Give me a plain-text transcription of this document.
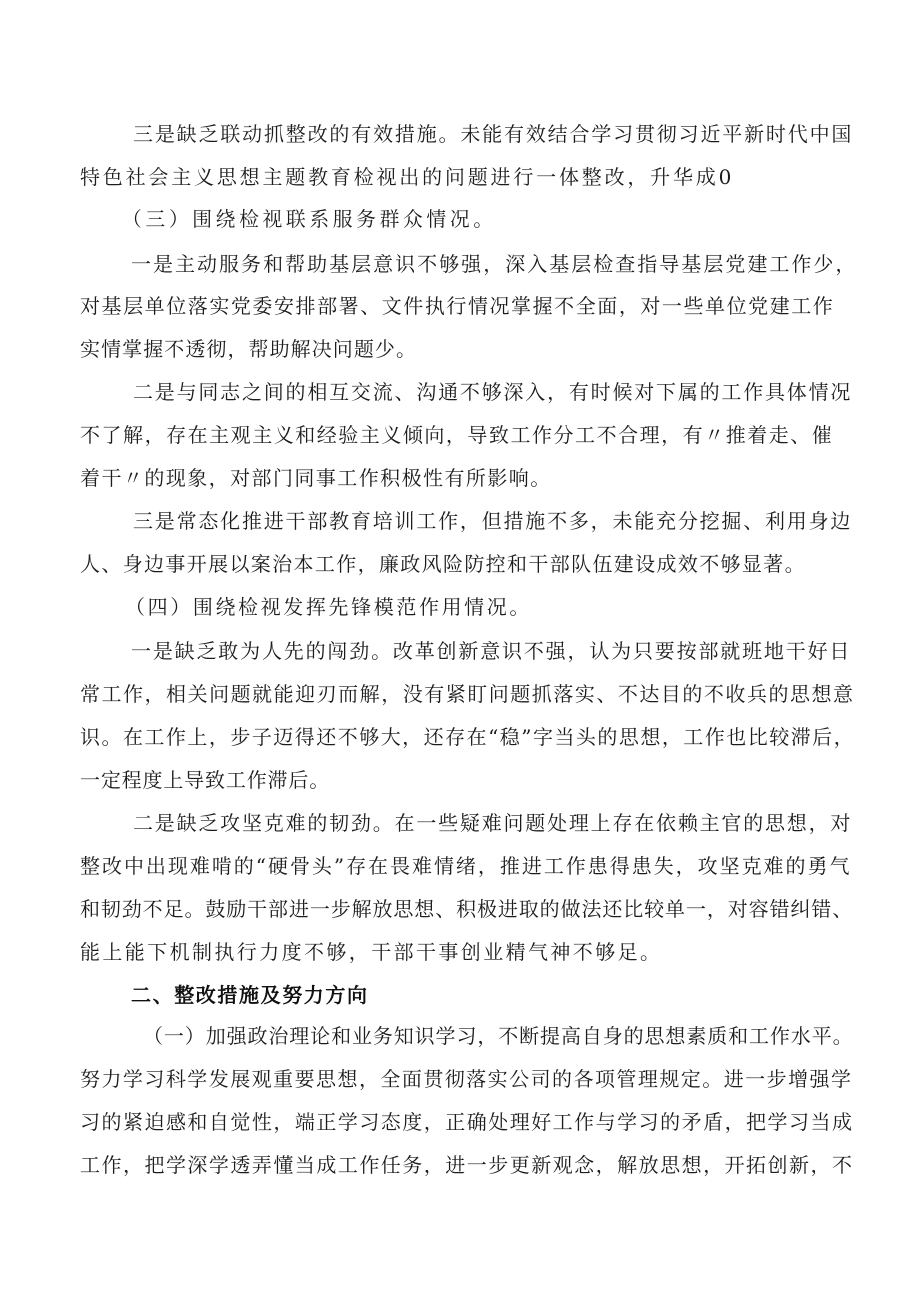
三是缺乏联动抓整改的有效措施。未能有效结合学习贯彻习近平新时代中国
特色社会主义思想主题教育检视出的问题进行一体整改，升华成0
（三）围绕检视联系服务群众情况。
一是主动服务和帮助基层意识不够强，深入基层检查指导基层党建工作少，
对基层单位落实党委安排部署、文件执行情况掌握不全面，对一些单位党建工作
实情掌握不透彻，帮助解决问题少。
二是与同志之间的相互交流、沟通不够深入，有时候对下属的工作具体情况
不了解，存在主观主义和经验主义倾向，导致工作分工不合理，有〃推着走、催
着干〃的现象，对部门同事工作积极性有所影响。
三是常态化推进干部教育培训工作，但措施不多，未能充分挖掘、利用身边
人、身边事开展以案治本工作，廉政风险防控和干部队伍建设成效不够显著。
（四）围绕检视发挥先锋模范作用情况。
一是缺乏敢为人先的闯劲。改革创新意识不强，认为只要按部就班地干好日
常工作，相关问题就能迎刃而解，没有紧盯问题抓落实、不达目的不收兵的思想意
识。在工作上，步子迈得还不够大，还存在“稳”字当头的思想，工作也比较滞后，
一定程度上导致工作滞后。
二是缺乏攻坚克难的韧劲。在一些疑难问题处理上存在依赖主官的思想，对
整改中出现难啃的“硬骨头”存在畏难情绪，推进工作患得患失，攻坚克难的勇气
和韧劲不足。鼓励干部进一步解放思想、积极进取的做法还比较单一，对容错纠错、
能上能下机制执行力度不够，干部干事创业精气神不够足。
二、整改措施及努力方向
（一）加强政治理论和业务知识学习，不断提高自身的思想素质和工作水平。
努力学习科学发展观重要思想，全面贯彻落实公司的各项管理规定。进一步增强学
习的紧迫感和自觉性，端正学习态度，正确处理好工作与学习的矛盾，把学习当成
工作，把学深学透弄懂当成工作任务，进一步更新观念，解放思想，开拓创新，不
